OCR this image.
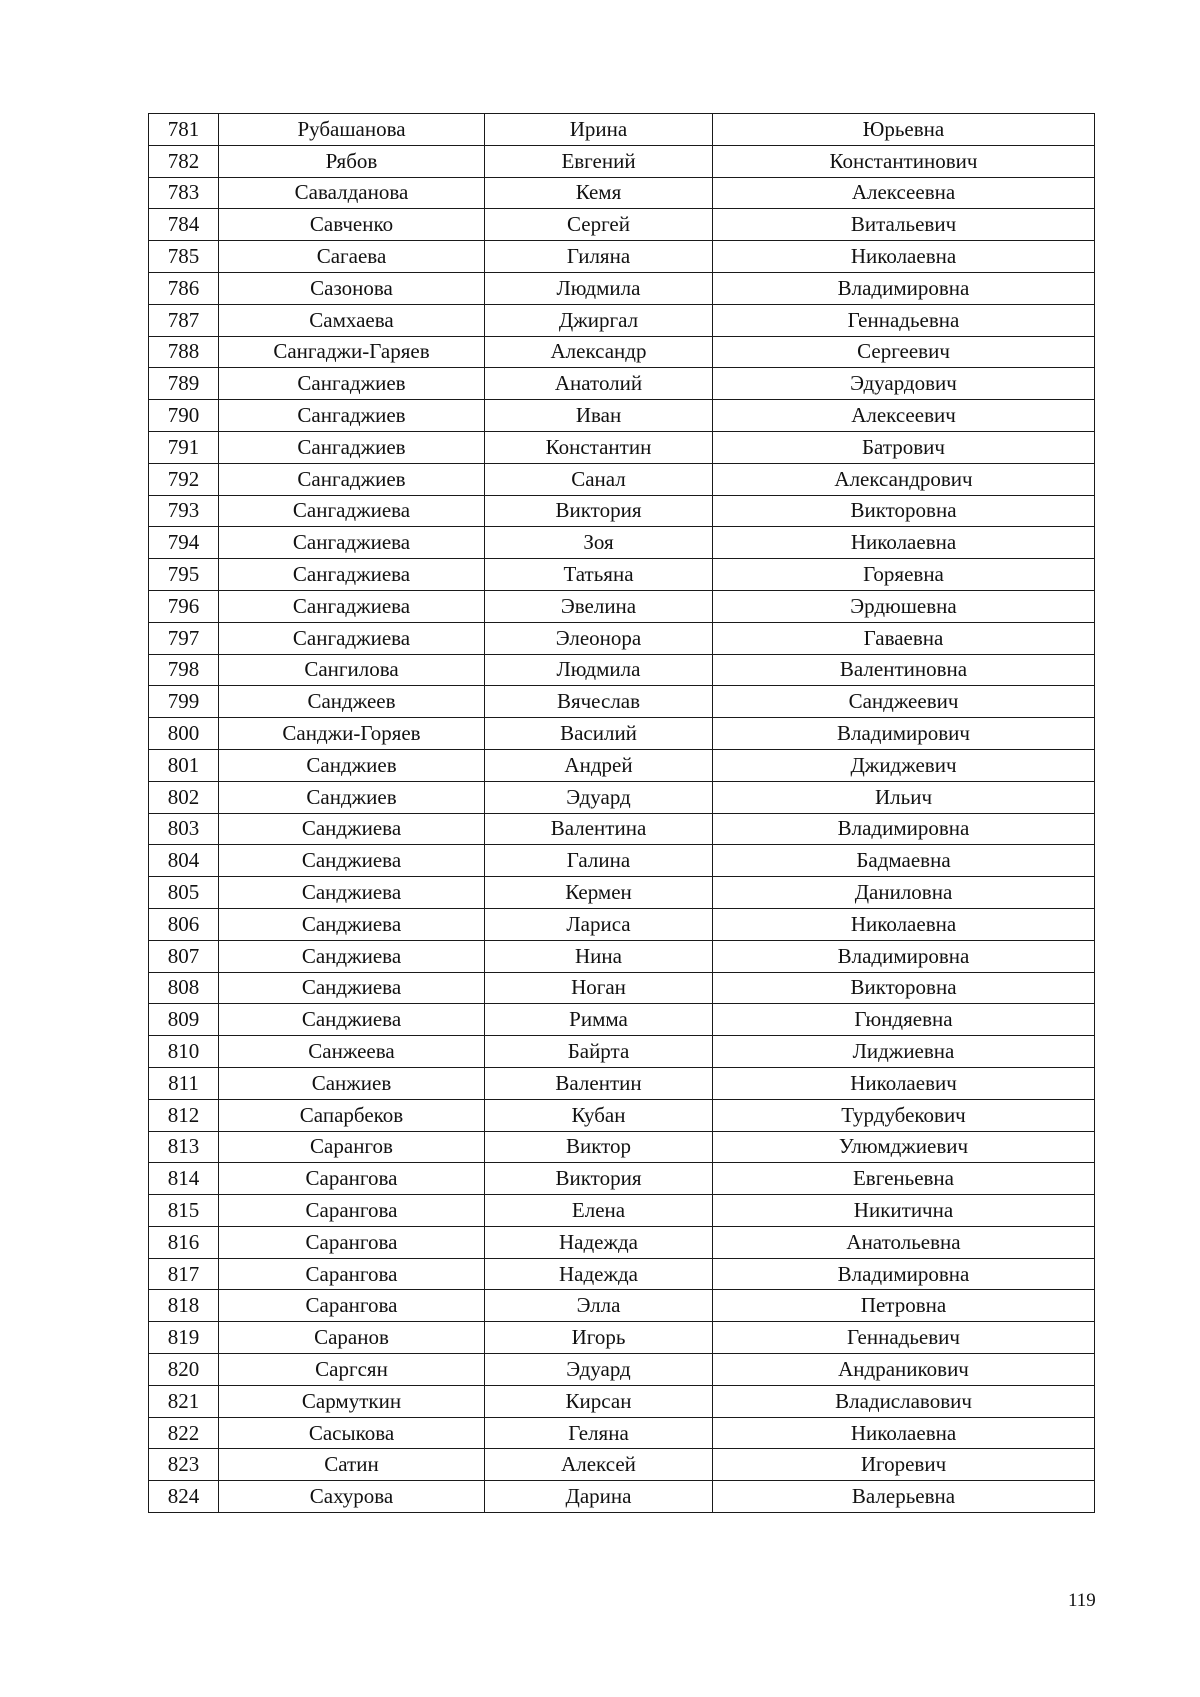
781	Рубашанова	Ирина	Юрьевна
782	Рябов	Евгений	Константинович
783	Савалданова	Кемя	Алексеевна
784	Савченко	Сергей	Витальевич
785	Сагаева	Гиляна	Николаевна
786	Сазонова	Людмила	Владимировна
787	Самхаева	Джиргал	Геннадьевна
788	Сангаджи-Гаряев	Александр	Сергеевич
789	Сангаджиев	Анатолий	Эдуардович
790	Сангаджиев	Иван	Алексеевич
791	Сангаджиев	Константин	Батрович
792	Сангаджиев	Санал	Александрович
793	Сангаджиева	Виктория	Викторовна
794	Сангаджиева	Зоя	Николаевна
795	Сангаджиева	Татьяна	Горяевна
796	Сангаджиева	Эвелина	Эрдюшевна
797	Сангаджиева	Элеонора	Гаваевна
798	Сангилова	Людмила	Валентиновна
799	Санджеев	Вячеслав	Санджеевич
800	Санджи-Горяев	Василий	Владимирович
801	Санджиев	Андрей	Джиджевич
802	Санджиев	Эдуард	Ильич
803	Санджиева	Валентина	Владимировна
804	Санджиева	Галина	Бадмаевна
805	Санджиева	Кермен	Даниловна
806	Санджиева	Лариса	Николаевна
807	Санджиева	Нина	Владимировна
808	Санджиева	Ноган	Викторовна
809	Санджиева	Римма	Гюндяевна
810	Санжеева	Байрта	Лиджиевна
811	Санжиев	Валентин	Николаевич
812	Сапарбеков	Кубан	Турдубекович
813	Сарангов	Виктор	Улюмджиевич
814	Сарангова	Виктория	Евгеньевна
815	Сарангова	Елена	Никитична
816	Сарангова	Надежда	Анатольевна
817	Сарангова	Надежда	Владимировна
818	Сарангова	Элла	Петровна
819	Саранов	Игорь	Геннадьевич
820	Саргсян	Эдуард	Андраникович
821	Сармуткин	Кирсан	Владиславович
822	Сасыкова	Геляна	Николаевна
823	Сатин	Алексей	Игоревич
824	Сахурова	Дарина	Валерьевна
119
